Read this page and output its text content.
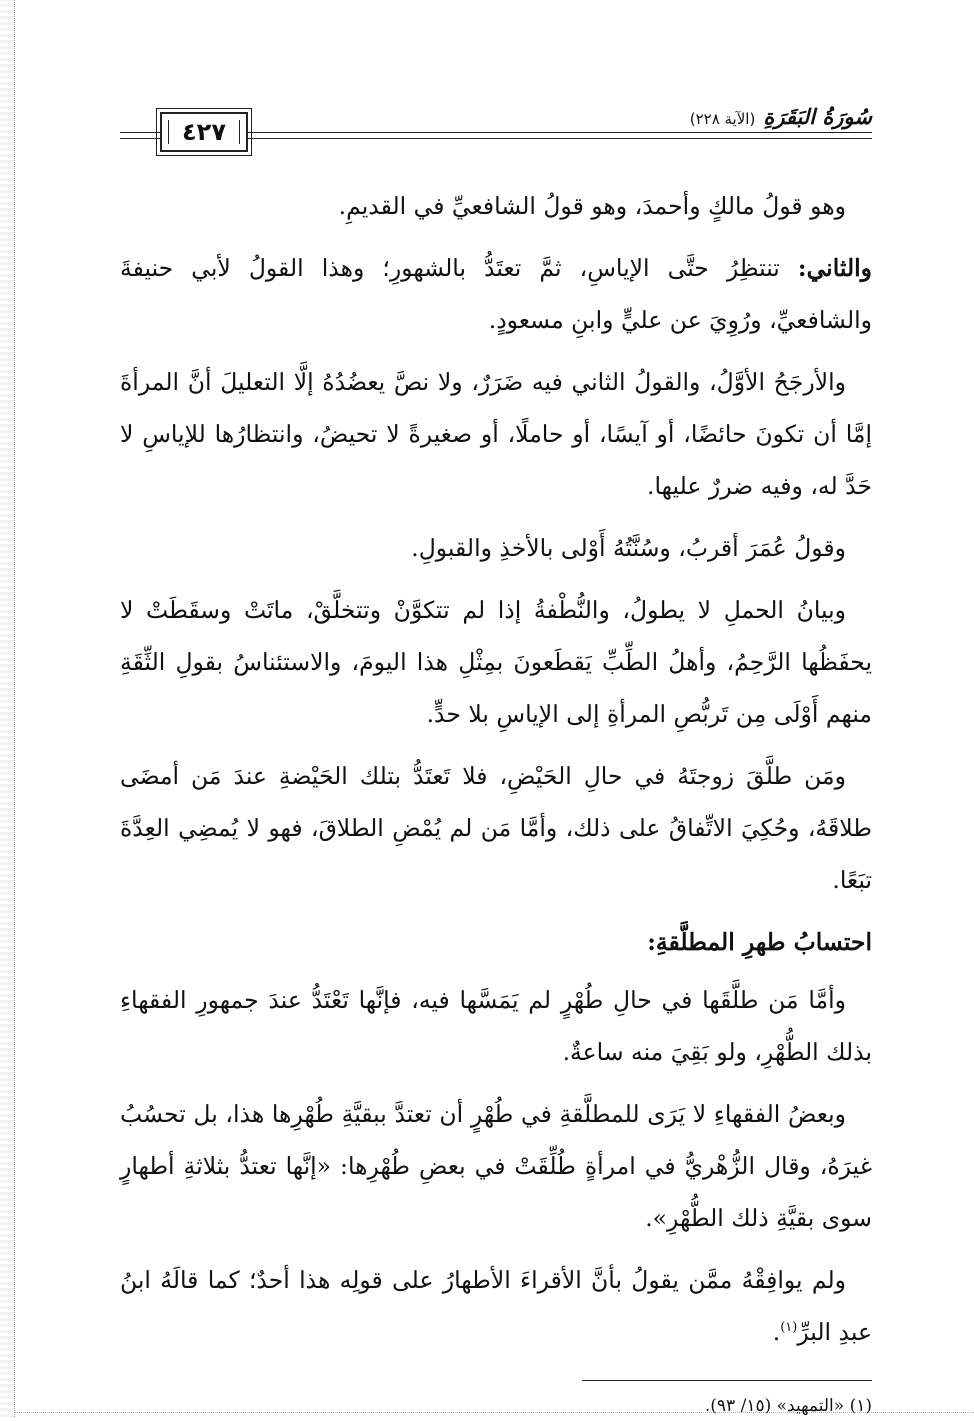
٤٢٧
سُورَةُ البَقَرَةِ
(الآية ٢٢٨)

وهو قولُ مالكٍ وأحمدَ، وهو قولُ الشافعيِّ في القديمِ.

والثاني: تنتظِرُ حتَّى الإياسِ، ثمَّ تعتَدُّ بالشهورِ؛ وهذا القولُ لأبي حنيفةَ والشافعيِّ، ورُوِيَ عن عليٍّ وابنِ مسعودٍ.

والأرجَحُ الأوَّلُ، والقولُ الثاني فيه ضَرَرٌ، ولا نصَّ يعضُدُهُ إلَّا التعليلَ أنَّ المرأةَ إمَّا أن تكونَ حائضًا، أو آيسًا، أو حاملًا، أو صغيرةً لا تحيضُ، وانتظارُها للإياسِ لا حَدَّ له، وفيه ضررٌ عليها.

وقولُ عُمَرَ أقربُ، وسُنَّتُهُ أَوْلى بالأخذِ والقبولِ.

وبيانُ الحملِ لا يطولُ، والنُّطْفةُ إذا لم تتكوَّنْ وتتخلَّقْ، ماتَتْ وسقَطَتْ لا يحفَظُها الرَّحِمُ، وأهلُ الطِّبِّ يَقطَعونَ بمِثْلِ هذا اليومَ، والاستئناسُ بقولِ الثِّقَةِ منهم أَوْلَى مِن تَربُّصِ المرأةِ إلى الإياسِ بلا حدٍّ.

ومَن طلَّقَ زوجتَهُ في حالِ الحَيْضِ، فلا تَعتَدُّ بتلك الحَيْضةِ عندَ مَن أمضَى طلاقَهُ، وحُكِيَ الاتِّفاقُ على ذلك، وأمَّا مَن لم يُمْضِ الطلاقَ، فهو لا يُمضِي العِدَّةَ تبَعًا.

احتسابُ طهرِ المطلَّقةِ:

وأمَّا مَن طلَّقَها في حالِ طُهْرٍ لم يَمَسَّها فيه، فإنَّها تَعْتَدُّ عندَ جمهورِ الفقهاءِ بذلك الطُّهْرِ، ولو بَقِيَ منه ساعةٌ.

وبعضُ الفقهاءِ لا يَرَى للمطلَّقةِ في طُهْرٍ أن تعتدَّ ببقيَّةِ طُهْرِها هذا، بل تحسُبُ غيرَهُ، وقال الزُّهْريُّ في امرأةٍ طُلِّقَتْ في بعضِ طُهْرِها: «إنَّها تعتدُّ بثلاثةِ أطهارٍ سوى بقيَّةِ ذلك الطُّهْرِ».

ولم يوافِقْهُ ممَّن يقولُ بأنَّ الأقراءَ الأطهارُ على قولِه هذا أحدٌ؛ كما قالَهُ ابنُ عبدِ البرِّ$^{(١)}$.

(١) «التمهيد» (١٥/ ٩٣).
